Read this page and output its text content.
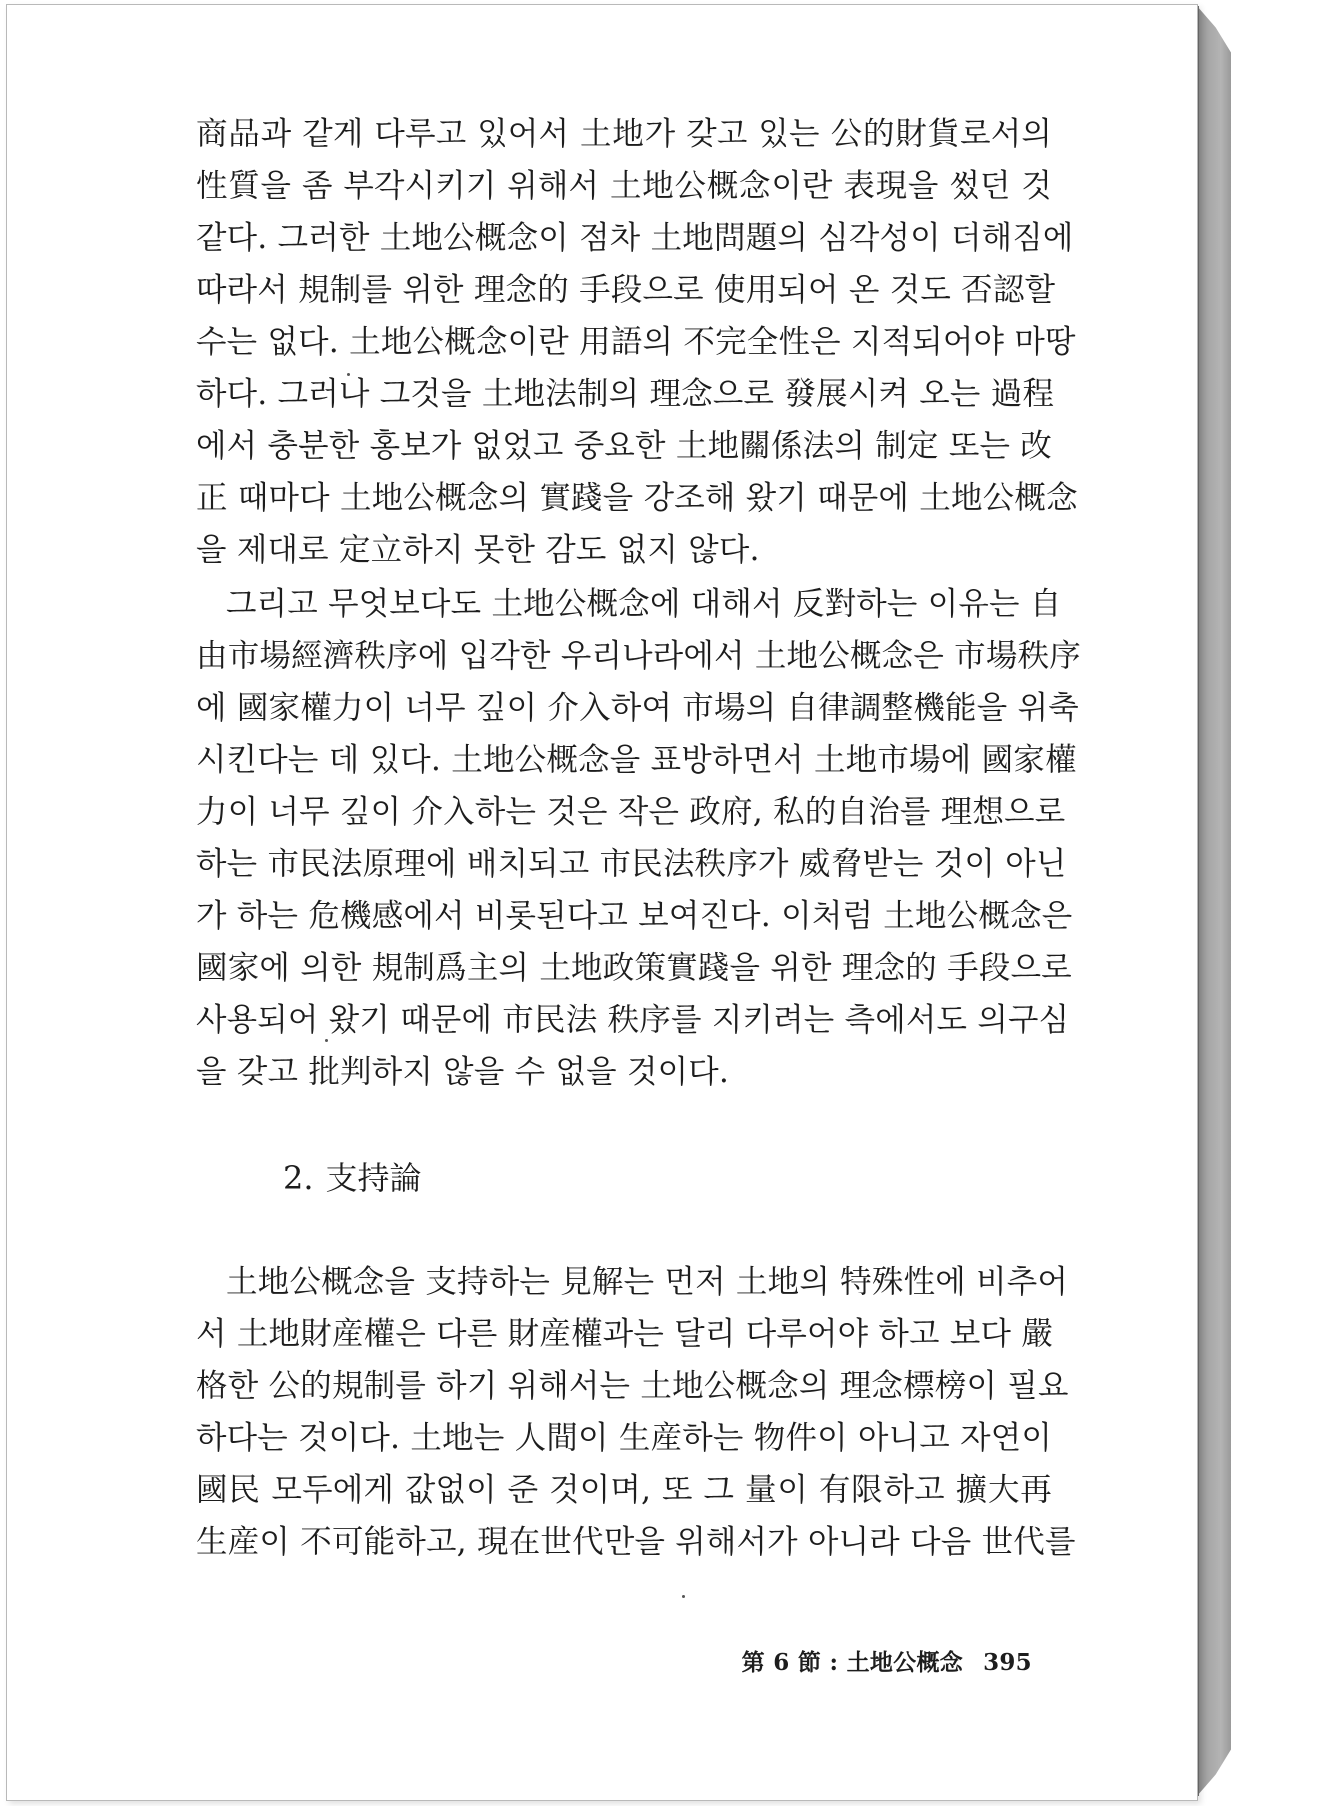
商品과 같게 다루고 있어서 土地가 갖고 있는 公的財貨로서의
性質을 좀 부각시키기 위해서 土地公概念이란 表現을 썼던 것
같다. 그러한 土地公概念이 점차 土地問題의 심각성이 더해짐에
따라서 規制를 위한 理念的 手段으로 使用되어 온 것도 否認할
수는 없다. 土地公概念이란 用語의 不完全性은 지적되어야 마땅
하다. 그러나 그것을 土地法制의 理念으로 發展시켜 오는 過程
에서 충분한 홍보가 없었고 중요한 土地關係法의 制定 또는 改
正 때마다 土地公概念의 實踐을 강조해 왔기 때문에 土地公概念
을 제대로 定立하지 못한 감도 없지 않다.
그리고 무엇보다도 土地公概念에 대해서 反對하는 이유는 自
由市場經濟秩序에 입각한 우리나라에서 土地公概念은 市場秩序
에 國家權力이 너무 깊이 介入하여 市場의 自律調整機能을 위축
시킨다는 데 있다. 土地公概念을 표방하면서 土地市場에 國家權
力이 너무 깊이 介入하는 것은 작은 政府, 私的自治를 理想으로
하는 市民法原理에 배치되고 市民法秩序가 威脅받는 것이 아닌
가 하는 危機感에서 비롯된다고 보여진다. 이처럼 土地公概念은
國家에 의한 規制爲主의 土地政策實踐을 위한 理念的 手段으로
사용되어 왔기 때문에 市民法 秩序를 지키려는 측에서도 의구심
을 갖고 批判하지 않을 수 없을 것이다.
2. 支持論
土地公概念을 支持하는 見解는 먼저 土地의 特殊性에 비추어
서 土地財産權은 다른 財産權과는 달리 다루어야 하고 보다 嚴
格한 公的規制를 하기 위해서는 土地公概念의 理念標榜이 필요
하다는 것이다. 土地는 人間이 生産하는 物件이 아니고 자연이
國民 모두에게 값없이 준 것이며, 또 그 量이 有限하고 擴大再
生産이 不可能하고, 現在世代만을 위해서가 아니라 다음 世代를
第 6 節 : 土地公概念 395
